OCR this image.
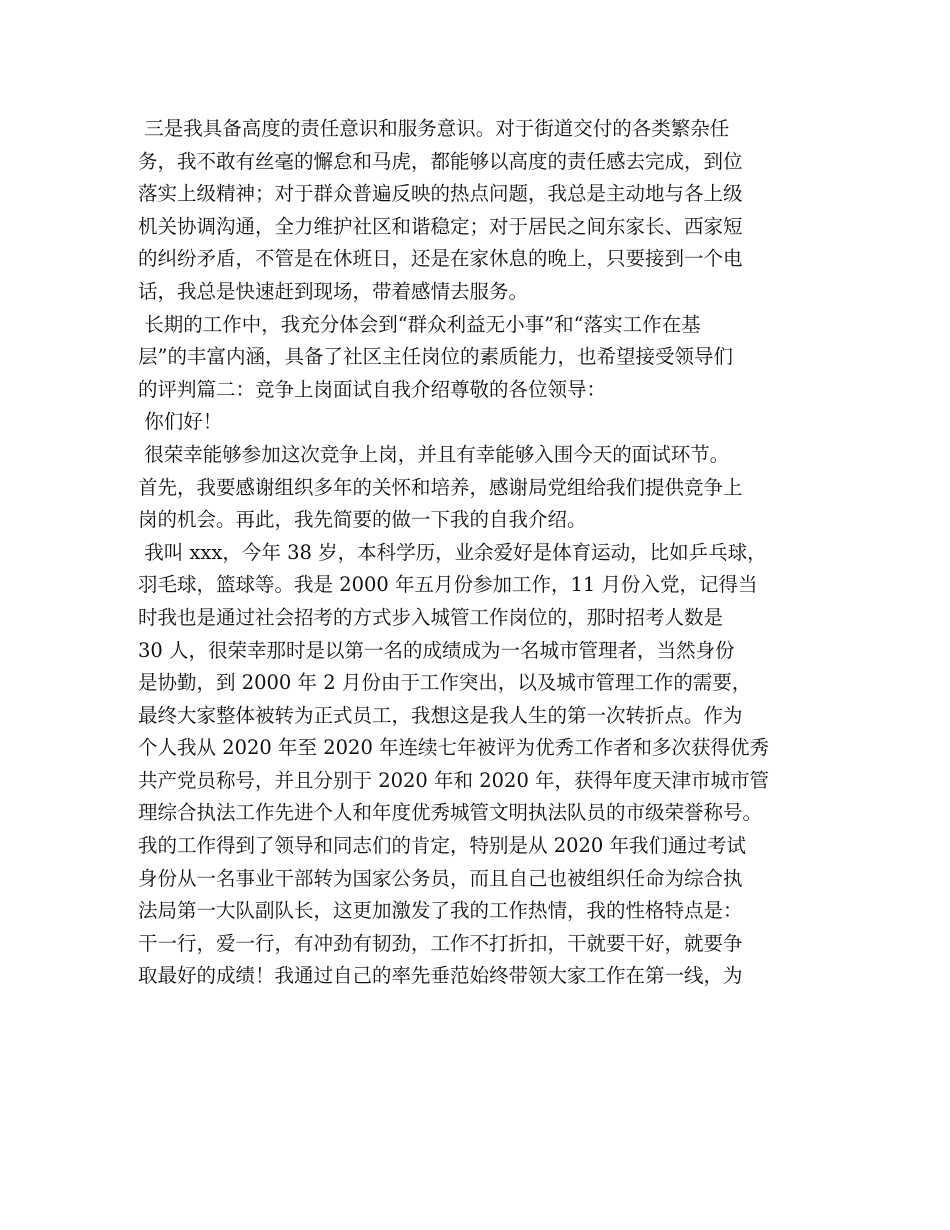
三是我具备高度的责任意识和服务意识。对于街道交付的各类繁杂任
务，我不敢有丝毫的懈怠和马虎，都能够以高度的责任感去完成，到位
落实上级精神；对于群众普遍反映的热点问题，我总是主动地与各上级
机关协调沟通，全力维护社区和谐稳定；对于居民之间东家长、西家短
的纠纷矛盾，不管是在休班日，还是在家休息的晚上，只要接到一个电
话，我总是快速赶到现场，带着感情去服务。
长期的工作中，我充分体会到“群众利益无小事”和“落实工作在基
层”的丰富内涵，具备了社区主任岗位的素质能力，也希望接受领导们
的评判篇二：竞争上岗面试自我介绍尊敬的各位领导：
你们好！
很荣幸能够参加这次竞争上岗，并且有幸能够入围今天的面试环节。
首先，我要感谢组织多年的关怀和培养，感谢局党组给我们提供竞争上
岗的机会。再此，我先简要的做一下我的自我介绍。
我叫 xxx，今年 38 岁，本科学历，业余爱好是体育运动，比如乒乓球，
羽毛球，篮球等。我是 2000 年五月份参加工作，11 月份入党，记得当
时我也是通过社会招考的方式步入城管工作岗位的，那时招考人数是
30 人，很荣幸那时是以第一名的成绩成为一名城市管理者，当然身份
是协勤，到 2000 年 2 月份由于工作突出，以及城市管理工作的需要，
最终大家整体被转为正式员工，我想这是我人生的第一次转折点。作为
个人我从 2020 年至 2020 年连续七年被评为优秀工作者和多次获得优秀
共产党员称号，并且分别于 2020 年和 2020 年，获得年度天津市城市管
理综合执法工作先进个人和年度优秀城管文明执法队员的市级荣誉称号。
我的工作得到了领导和同志们的肯定，特别是从 2020 年我们通过考试
身份从一名事业干部转为国家公务员，而且自己也被组织任命为综合执
法局第一大队副队长，这更加激发了我的工作热情，我的性格特点是：
干一行，爱一行，有冲劲有韧劲，工作不打折扣，干就要干好，就要争
取最好的成绩！我通过自己的率先垂范始终带领大家工作在第一线，为
